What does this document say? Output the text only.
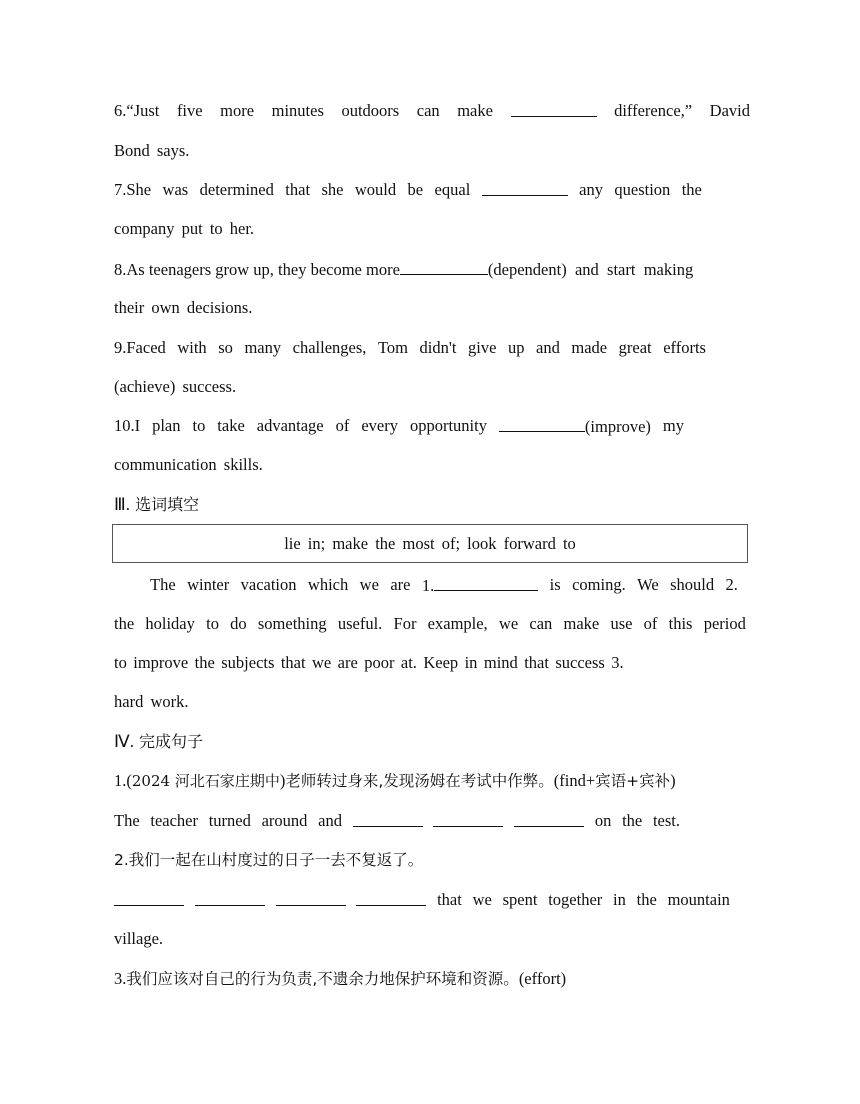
6.“Just five more minutes outdoors can make	difference,” David
Bond says.
7.She was determined that she would be equal	any question the
company put to her.
8.As teenagers grow up, they become more	(dependent) and start making
their own decisions.
9.Faced with so many challenges, Tom didn't give up and made great efforts
(achieve) success.
10.I plan to take advantage of every opportunity	(improve) my
communication skills.
Ⅲ. 选词填空
lie in; make the most of; look forward to
The winter vacation which we are 1.	is coming. We should 2.
the holiday to do something useful. For example, we can make use of this period
to improve the subjects that we are poor at. Keep in mind that success 3.
hard work.
Ⅳ. 完成句子
1.(2024 河北石家庄期中)老师转过身来,发现汤姆在考试中作弊。(find+宾语+宾补)
The teacher turned around and	on the test.
2.我们一起在山村度过的日子一去不复返了。
that we spent together in the mountain
village.
3.我们应该对自己的行为负责,不遗余力地保护环境和资源。(effort)
